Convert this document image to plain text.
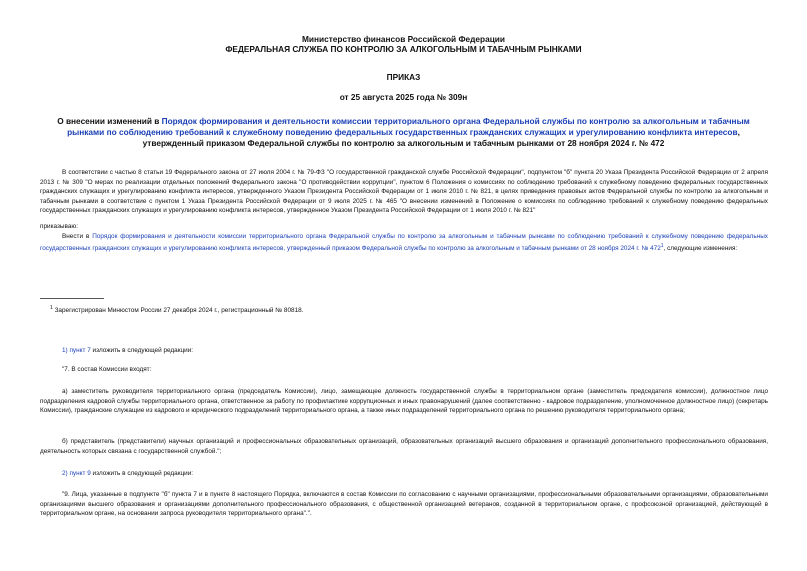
Министерство финансов Российской Федерации
ФЕДЕРАЛЬНАЯ СЛУЖБА ПО КОНТРОЛЮ ЗА АЛКОГОЛЬНЫМ И ТАБАЧНЫМ РЫНКАМИ
ПРИКАЗ
от 25 августа 2025 года № 309н
О внесении изменений в Порядок формирования и деятельности комиссии территориального органа Федеральной службы по контролю за алкогольным и табачным рынками по соблюдению требований к служебному поведению федеральных государственных гражданских служащих и урегулированию конфликта интересов, утвержденный приказом Федеральной службы по контролю за алкогольным и табачным рынками от 28 ноября 2024 г. № 472
В соответствии с частью 8 статьи 19 Федерального закона от 27 июля 2004 г. № 79-ФЗ "О государственной гражданской службе Российской Федерации", подпунктом "б" пункта 20 Указа Президента Российской Федерации от 2 апреля 2013 г. № 309 "О мерах по реализации отдельных положений Федерального закона "О противодействии коррупции", пунктом 6 Положения о комиссиях по соблюдению требований к служебному поведению федеральных государственных гражданских служащих и урегулированию конфликта интересов, утвержденного Указом Президента Российской Федерации от 1 июля 2010 г. № 821, в целях приведения правовых актов Федеральной службы по контролю за алкогольным и табачным рынками в соответствие с пунктом 1 Указа Президента Российской Федерации от 9 июля 2025 г. № 465 "О внесении изменений в Положение о комиссиях по соблюдению требований к служебному поведению федеральных государственных гражданских служащих и урегулированию конфликта интересов, утвержденное Указом Президента Российской Федерации от 1 июля 2010 г. № 821"
приказываю:
Внести в Порядок формирования и деятельности комиссии территориального органа Федеральной службы по контролю за алкогольным и табачным рынками по соблюдению требований к служебному поведению федеральных государственных гражданских служащих и урегулированию конфликта интересов, утвержденный приказом Федеральной службы по контролю за алкогольным и табачным рынками от 28 ноября 2024 г. № $472^1$, следующие изменения:
$^1$ Зарегистрирован Минюстом России 27 декабря 2024 г., регистрационный № 80818.
1) пункт 7 изложить в следующей редакции:
"7. В состав Комиссии входят:
а) заместитель руководителя территориального органа (председатель Комиссии), лицо, замещающее должность государственной службы в территориальном органе (заместитель председателя комиссии), должностное лицо подразделения кадровой службы территориального органа, ответственное за работу по профилактике коррупционных и иных правонарушений (далее соответственно - кадровое подразделение, уполномоченное должностное лицо) (секретарь Комиссии), гражданские служащие из кадрового и юридического подразделений территориального органа, а также иных подразделений территориального органа по решению руководителя территориального органа;
б) представитель (представители) научных организаций и профессиональных образовательных организаций, образовательных организаций высшего образования и организаций дополнительного профессионального образования, деятельность которых связана с государственной службой.";
2) пункт 9 изложить в следующей редакции:
"9. Лица, указанные в подпункте "б" пункта 7 и в пункте 8 настоящего Порядка, включаются в состав Комиссии по согласованию с научными организациями, профессиональными образовательными организациями, образовательными организациями высшего образования и организациями дополнительного профессионального образования, с общественной организацией ветеранов, созданной в территориальном органе, с профсоюзной организацией, действующей в территориальном органе, на основании запроса руководителя территориального органа".".
